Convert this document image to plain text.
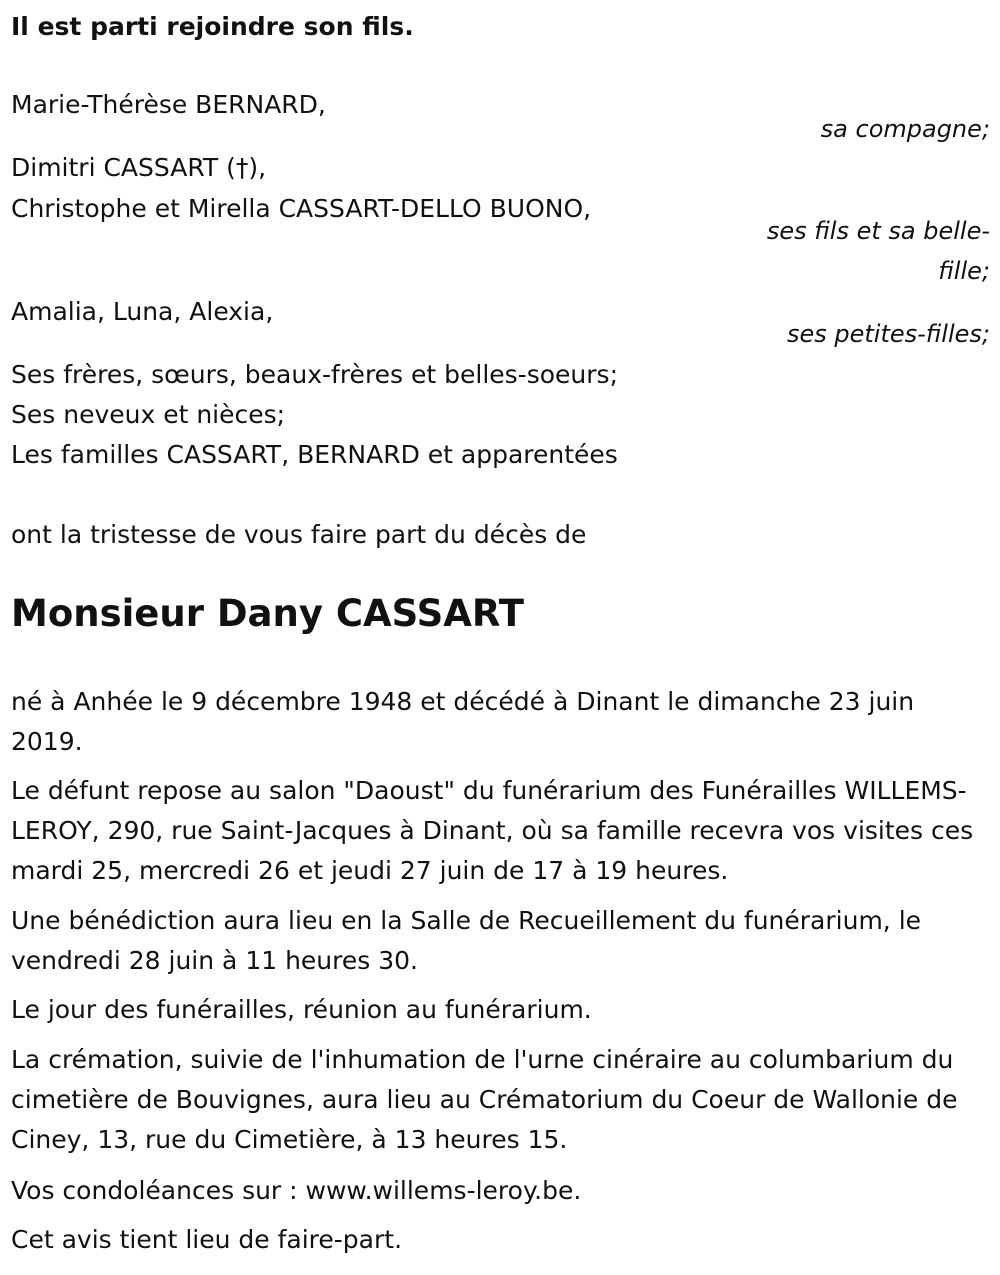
Il est parti rejoindre son fils.
Marie-Thérèse BERNARD,
sa compagne;
Dimitri CASSART (†),
Christophe et Mirella CASSART-DELLO BUONO,
ses fils et sa belle-
fille;
Amalia, Luna, Alexia,
ses petites-filles;
Ses frères, sœurs, beaux-frères et belles-soeurs;
Ses neveux et nièces;
Les familles CASSART, BERNARD et apparentées
ont la tristesse de vous faire part du décès de
Monsieur Dany CASSART
né à Anhée le 9 décembre 1948 et décédé à Dinant le dimanche 23 juin 2019.
Le défunt repose au salon "Daoust" du funérarium des Funérailles WILLEMS-LEROY, 290, rue Saint-Jacques à Dinant, où sa famille recevra vos visites ces mardi 25, mercredi 26 et jeudi 27 juin de 17 à 19 heures.
Une bénédiction aura lieu en la Salle de Recueillement du funérarium, le vendredi 28 juin à 11 heures 30.
Le jour des funérailles, réunion au funérarium.
La crémation, suivie de l'inhumation de l'urne cinéraire au columbarium du cimetière de Bouvignes, aura lieu au Crématorium du Coeur de Wallonie de Ciney, 13, rue du Cimetière, à 13 heures 15.
Vos condoléances sur : www.willems-leroy.be.
Cet avis tient lieu de faire-part.
